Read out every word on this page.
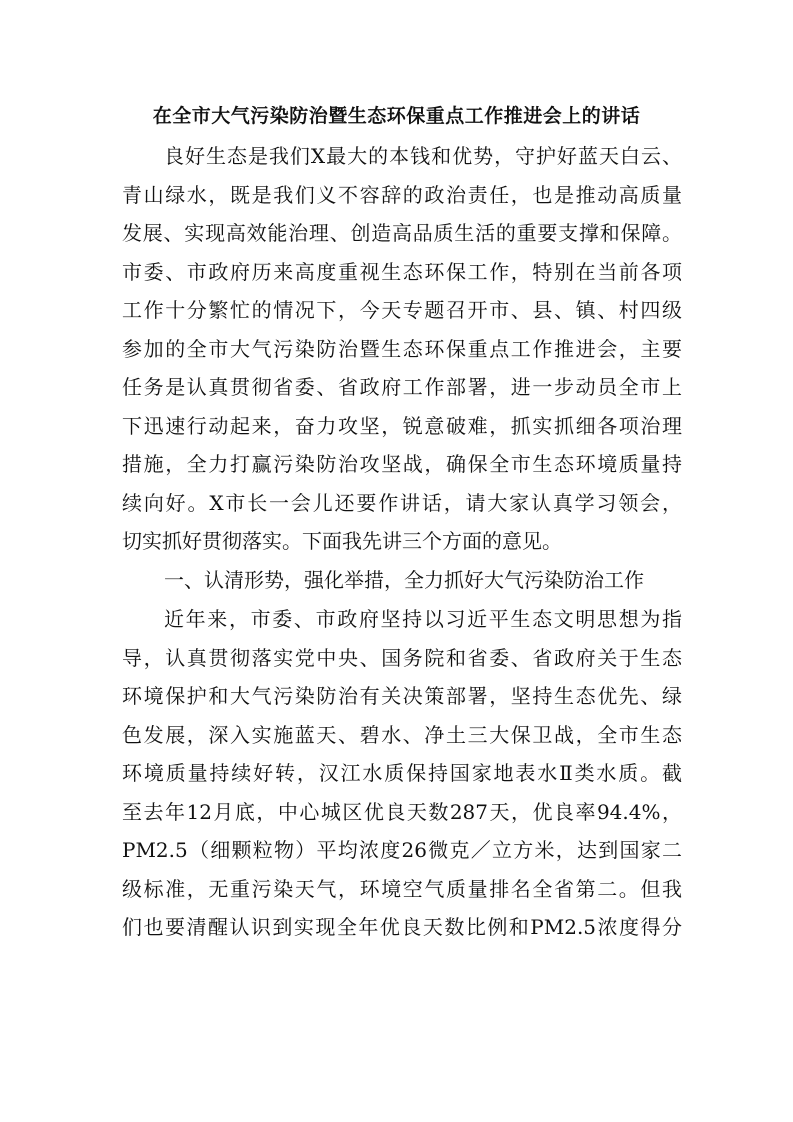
在全市大气污染防治暨生态环保重点工作推进会上的讲话
良好生态是我们X最大的本钱和优势，守护好蓝天白云、
青山绿水，既是我们义不容辞的政治责任，也是推动高质量
发展、实现高效能治理、创造高品质生活的重要支撑和保障。
市委、市政府历来高度重视生态环保工作，特别在当前各项
工作十分繁忙的情况下，今天专题召开市、县、镇、村四级
参加的全市大气污染防治暨生态环保重点工作推进会，主要
任务是认真贯彻省委、省政府工作部署，进一步动员全市上
下迅速行动起来，奋力攻坚，锐意破难，抓实抓细各项治理
措施，全力打赢污染防治攻坚战，确保全市生态环境质量持
续向好。X市长一会儿还要作讲话，请大家认真学习领会，
切实抓好贯彻落实。下面我先讲三个方面的意见。
一、认清形势，强化举措，全力抓好大气污染防治工作
近年来，市委、市政府坚持以习近平生态文明思想为指
导，认真贯彻落实党中央、国务院和省委、省政府关于生态
环境保护和大气污染防治有关决策部署，坚持生态优先、绿
色发展，深入实施蓝天、碧水、净土三大保卫战，全市生态
环境质量持续好转，汉江水质保持国家地表水Ⅱ类水质。截
至去年12月底，中心城区优良天数287天，优良率94.4%，
PM2.5（细颗粒物）平均浓度26微克／立方米，达到国家二
级标准，无重污染天气，环境空气质量排名全省第二。但我
们也要清醒认识到实现全年优良天数比例和PM2.5浓度得分
